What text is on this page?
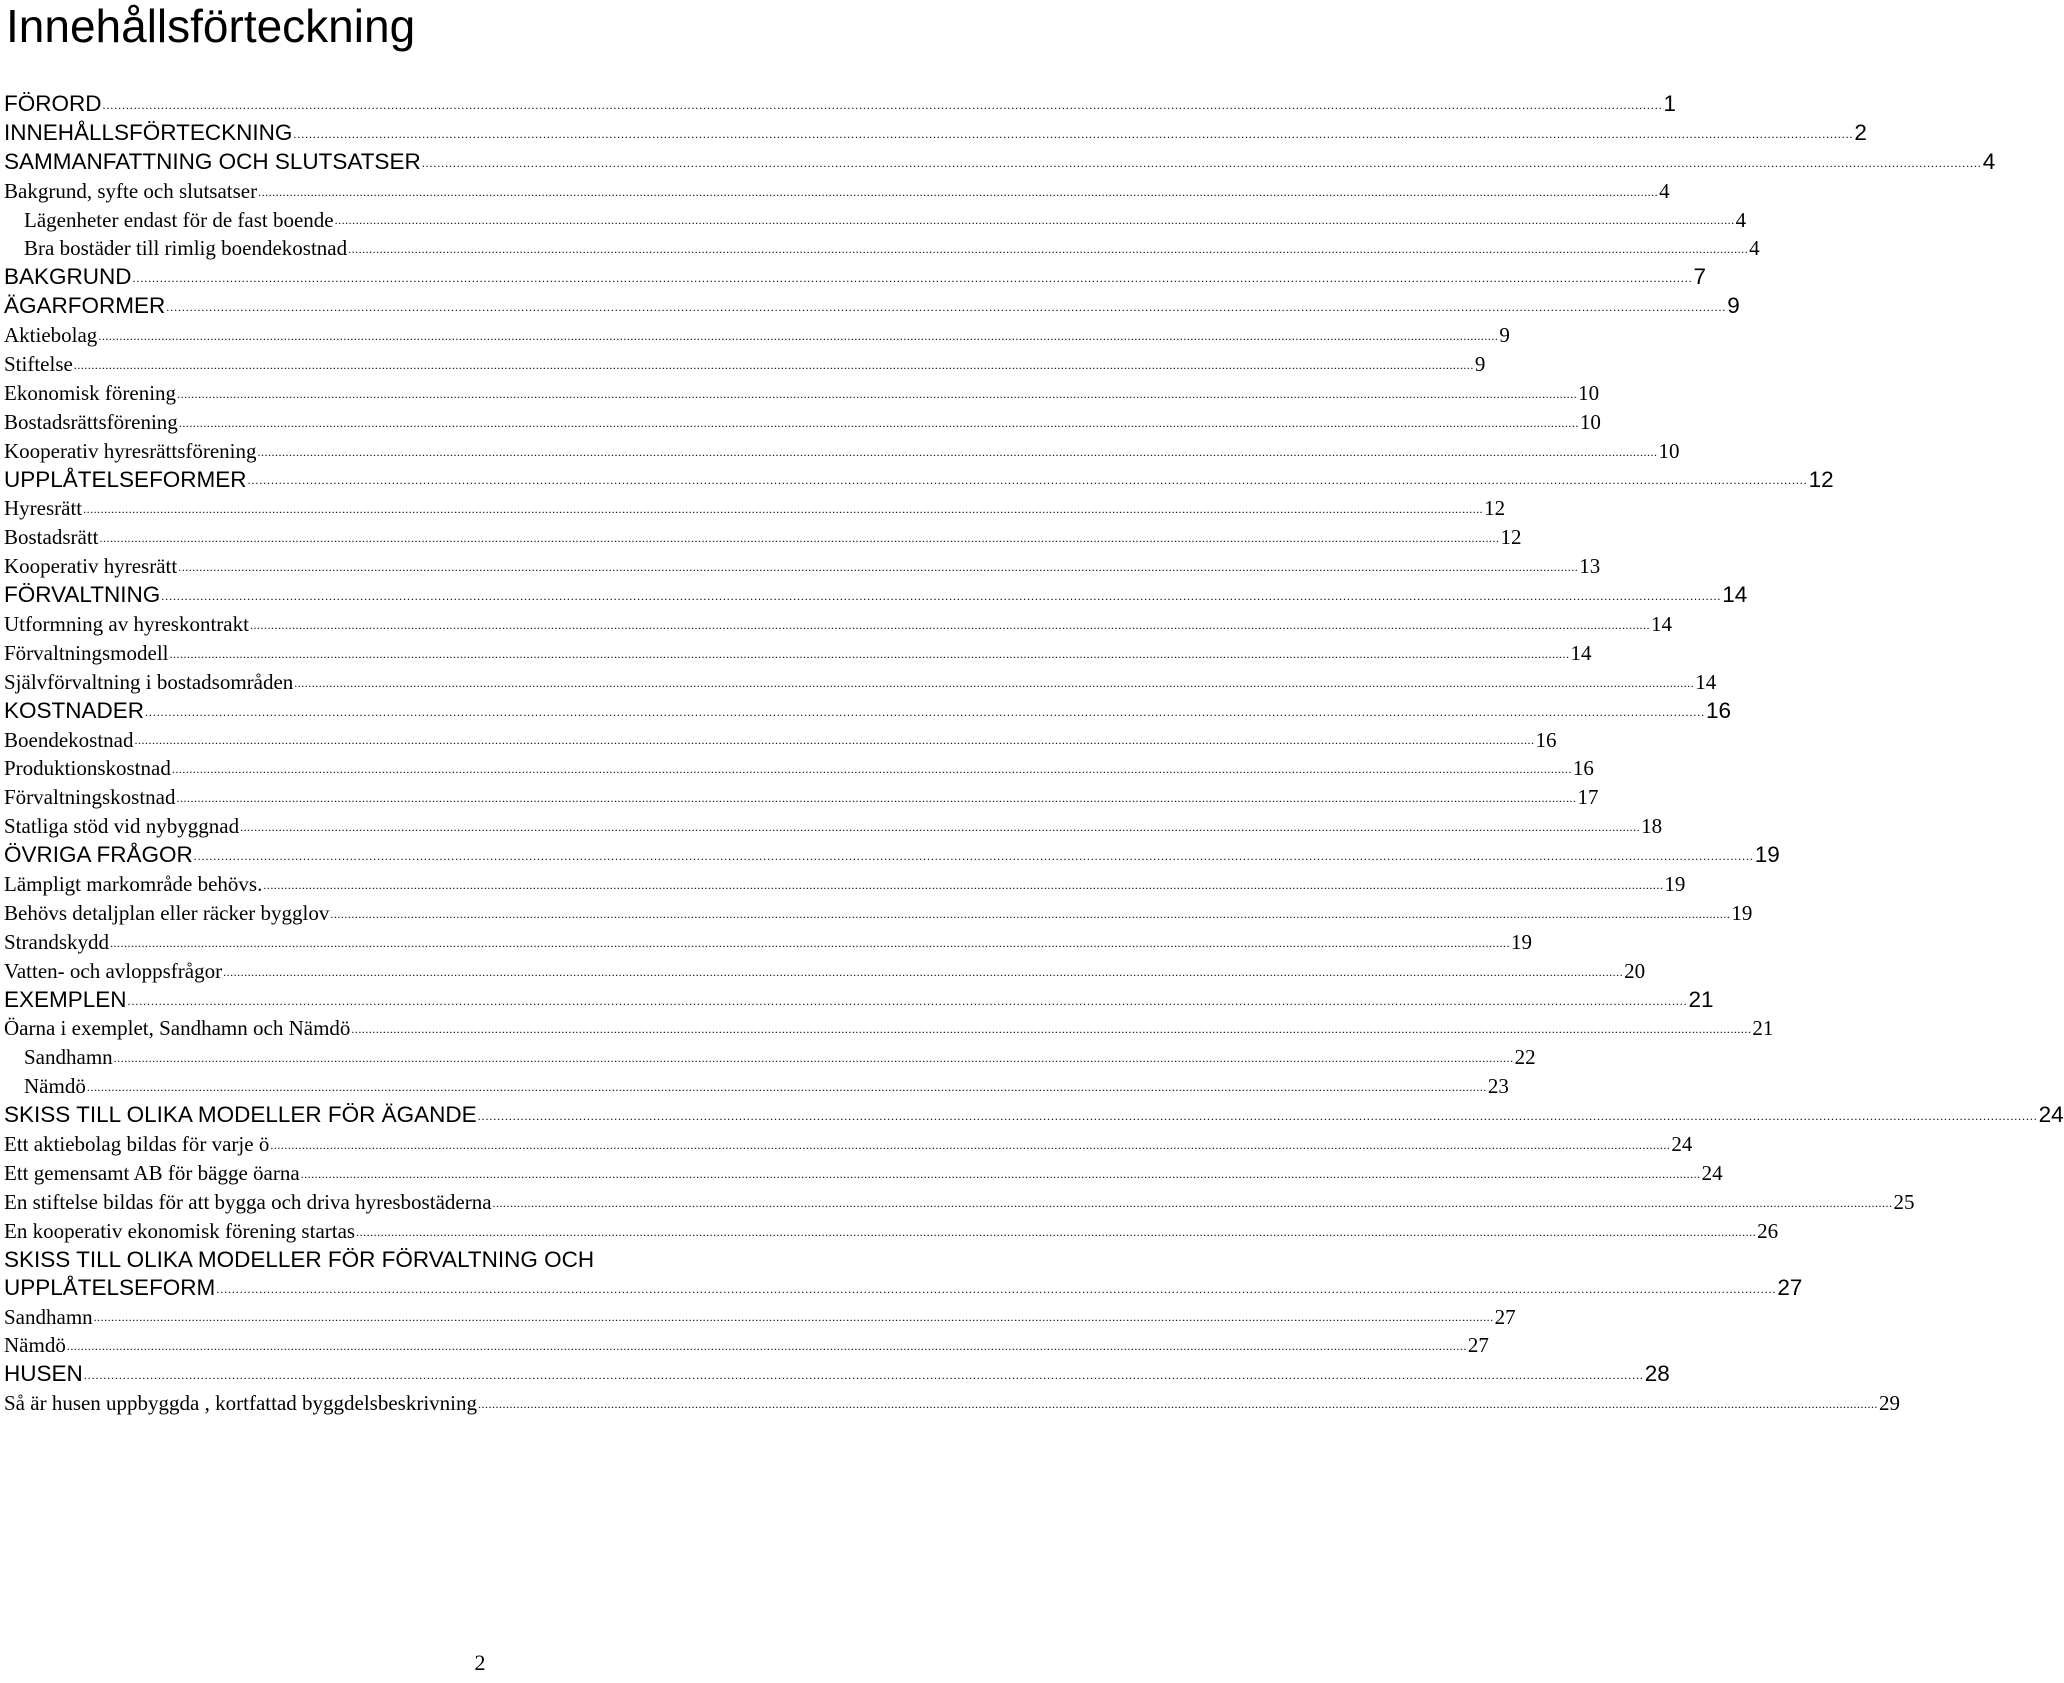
Innehållsförteckning
FÖRORD ................................................................................................................................................................................................................................................................................................................................................................................................................ 1
INNEHÅLLSFÖRTECKNING ................................................................................................................................................................................................................................................................................................................................................................................................................ 2
SAMMANFATTNING OCH SLUTSATSER ................................................................................................................................................................................................................................................................................................................................................................................................................ 4
Bakgrund, syfte och slutsatser ................................................................................................................................................................................................................................................................................................................................................................................................................ 4
Lägenheter endast för de fast boende ................................................................................................................................................................................................................................................................................................................................................................................................................ 4
Bra bostäder till rimlig boendekostnad ................................................................................................................................................................................................................................................................................................................................................................................................................ 4
BAKGRUND ................................................................................................................................................................................................................................................................................................................................................................................................................ 7
ÄGARFORMER ................................................................................................................................................................................................................................................................................................................................................................................................................ 9
Aktiebolag ................................................................................................................................................................................................................................................................................................................................................................................................................ 9
Stiftelse ................................................................................................................................................................................................................................................................................................................................................................................................................ 9
Ekonomisk förening ................................................................................................................................................................................................................................................................................................................................................................................................................ 10
Bostadsrättsförening ................................................................................................................................................................................................................................................................................................................................................................................................................ 10
Kooperativ hyresrättsförening ................................................................................................................................................................................................................................................................................................................................................................................................................ 10
UPPLÅTELSEFORMER ................................................................................................................................................................................................................................................................................................................................................................................................................ 12
Hyresrätt ................................................................................................................................................................................................................................................................................................................................................................................................................ 12
Bostadsrätt ................................................................................................................................................................................................................................................................................................................................................................................................................ 12
Kooperativ hyresrätt ................................................................................................................................................................................................................................................................................................................................................................................................................ 13
FÖRVALTNING ................................................................................................................................................................................................................................................................................................................................................................................................................ 14
Utformning av hyreskontrakt ................................................................................................................................................................................................................................................................................................................................................................................................................ 14
Förvaltningsmodell ................................................................................................................................................................................................................................................................................................................................................................................................................ 14
Självförvaltning i bostadsområden ................................................................................................................................................................................................................................................................................................................................................................................................................ 14
KOSTNADER ................................................................................................................................................................................................................................................................................................................................................................................................................ 16
Boendekostnad ................................................................................................................................................................................................................................................................................................................................................................................................................ 16
Produktionskostnad ................................................................................................................................................................................................................................................................................................................................................................................................................ 16
Förvaltningskostnad ................................................................................................................................................................................................................................................................................................................................................................................................................ 17
Statliga stöd vid nybyggnad ................................................................................................................................................................................................................................................................................................................................................................................................................ 18
ÖVRIGA FRÅGOR ................................................................................................................................................................................................................................................................................................................................................................................................................ 19
Lämpligt markområde behövs. ................................................................................................................................................................................................................................................................................................................................................................................................................ 19
Behövs detaljplan eller räcker bygglov ................................................................................................................................................................................................................................................................................................................................................................................................................ 19
Strandskydd ................................................................................................................................................................................................................................................................................................................................................................................................................ 19
Vatten- och avloppsfrågor ................................................................................................................................................................................................................................................................................................................................................................................................................ 20
EXEMPLEN ................................................................................................................................................................................................................................................................................................................................................................................................................ 21
Öarna i exemplet, Sandhamn och Nämdö ................................................................................................................................................................................................................................................................................................................................................................................................................ 21
Sandhamn ................................................................................................................................................................................................................................................................................................................................................................................................................ 22
Nämdö ................................................................................................................................................................................................................................................................................................................................................................................................................ 23
SKISS TILL OLIKA MODELLER FÖR ÄGANDE ................................................................................................................................................................................................................................................................................................................................................................................................................ 24
Ett aktiebolag bildas för varje ö ................................................................................................................................................................................................................................................................................................................................................................................................................ 24
Ett gemensamt AB för bägge öarna ................................................................................................................................................................................................................................................................................................................................................................................................................ 24
En stiftelse bildas för att bygga och driva hyresbostäderna ................................................................................................................................................................................................................................................................................................................................................................................................................ 25
En kooperativ ekonomisk förening startas ................................................................................................................................................................................................................................................................................................................................................................................................................ 26
SKISS TILL OLIKA MODELLER FÖR FÖRVALTNING OCH
UPPLÅTELSEFORM ................................................................................................................................................................................................................................................................................................................................................................................................................ 27
Sandhamn ................................................................................................................................................................................................................................................................................................................................................................................................................ 27
Nämdö ................................................................................................................................................................................................................................................................................................................................................................................................................ 27
HUSEN ................................................................................................................................................................................................................................................................................................................................................................................................................ 28
Så är husen uppbyggda , kortfattad byggdelsbeskrivning ................................................................................................................................................................................................................................................................................................................................................................................................................ 29
2
